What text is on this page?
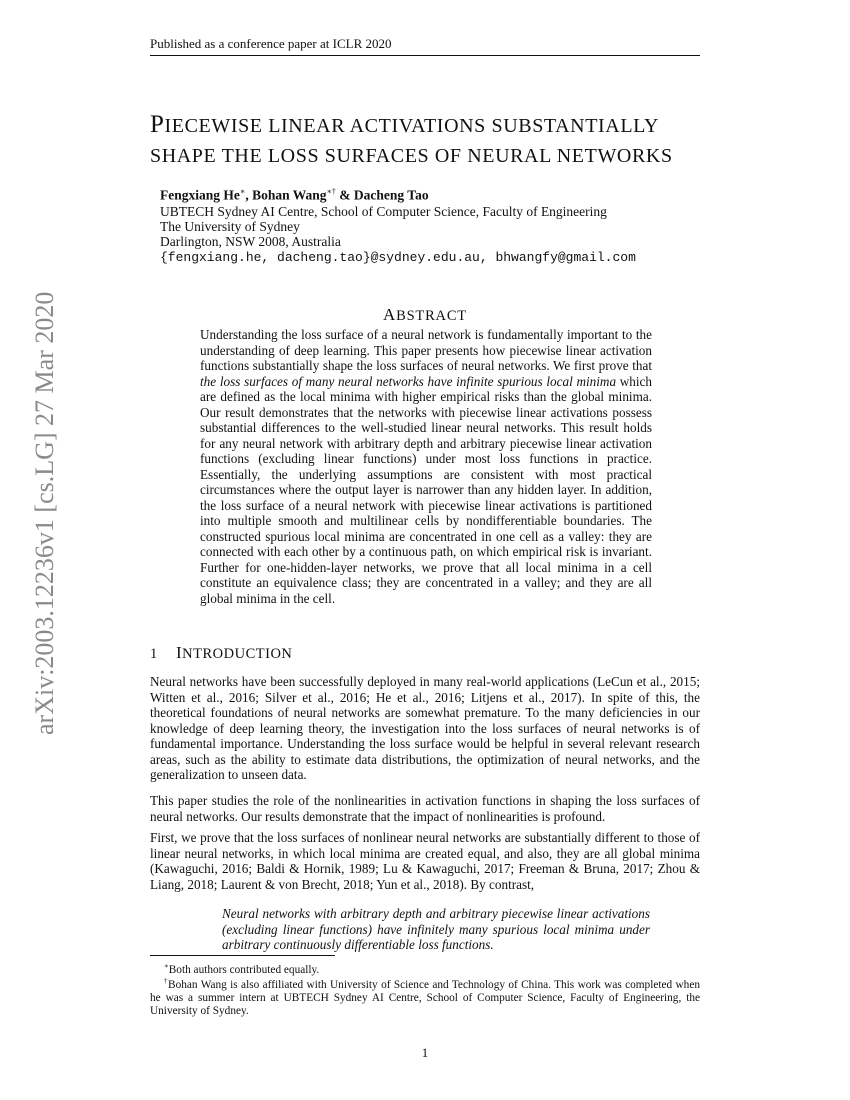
Published as a conference paper at ICLR 2020
arXiv:2003.12236v1 [cs.LG] 27 Mar 2020
PIECEWISE LINEAR ACTIVATIONS SUBSTANTIALLY
SHAPE THE LOSS SURFACES OF NEURAL NETWORKS
Fengxiang He∗, Bohan Wang∗† & Dacheng Tao
UBTECH Sydney AI Centre, School of Computer Science, Faculty of Engineering
The University of Sydney
Darlington, NSW 2008, Australia
{fengxiang.he, dacheng.tao}@sydney.edu.au, bhwangfy@gmail.com
ABSTRACT
Understanding the loss surface of a neural network is fundamentally important to the understanding of deep learning. This paper presents how piecewise linear activation functions substantially shape the loss surfaces of neural networks. We first prove that the loss surfaces of many neural networks have infinite spurious local minima which are defined as the local minima with higher empirical risks than the global minima. Our result demonstrates that the networks with piecewise linear activations possess substantial differences to the well-studied linear neural networks. This result holds for any neural network with arbitrary depth and arbitrary piecewise linear activation functions (excluding linear functions) under most loss functions in practice. Essentially, the underlying assumptions are consistent with most practical circumstances where the output layer is narrower than any hidden layer. In addition, the loss surface of a neural network with piecewise linear activations is partitioned into multiple smooth and multilinear cells by nondifferentiable boundaries. The constructed spurious local minima are concentrated in one cell as a valley: they are connected with each other by a continuous path, on which empirical risk is invariant. Further for one-hidden-layer networks, we prove that all local minima in a cell constitute an equivalence class; they are concentrated in a valley; and they are all global minima in the cell.
1 INTRODUCTION
Neural networks have been successfully deployed in many real-world applications (LeCun et al., 2015; Witten et al., 2016; Silver et al., 2016; He et al., 2016; Litjens et al., 2017). In spite of this, the theoretical foundations of neural networks are somewhat premature. To the many deficiencies in our knowledge of deep learning theory, the investigation into the loss surfaces of neural networks is of fundamental importance. Understanding the loss surface would be helpful in several relevant research areas, such as the ability to estimate data distributions, the optimization of neural networks, and the generalization to unseen data.
This paper studies the role of the nonlinearities in activation functions in shaping the loss surfaces of neural networks. Our results demonstrate that the impact of nonlinearities is profound.
First, we prove that the loss surfaces of nonlinear neural networks are substantially different to those of linear neural networks, in which local minima are created equal, and also, they are all global minima (Kawaguchi, 2016; Baldi & Hornik, 1989; Lu & Kawaguchi, 2017; Freeman & Bruna, 2017; Zhou & Liang, 2018; Laurent & von Brecht, 2018; Yun et al., 2018). By contrast,
Neural networks with arbitrary depth and arbitrary piecewise linear activations (excluding linear functions) have infinitely many spurious local minima under arbitrary continuously differentiable loss functions.
∗Both authors contributed equally.
†Bohan Wang is also affiliated with University of Science and Technology of China. This work was completed when he was a summer intern at UBTECH Sydney AI Centre, School of Computer Science, Faculty of Engineering, the University of Sydney.
1
